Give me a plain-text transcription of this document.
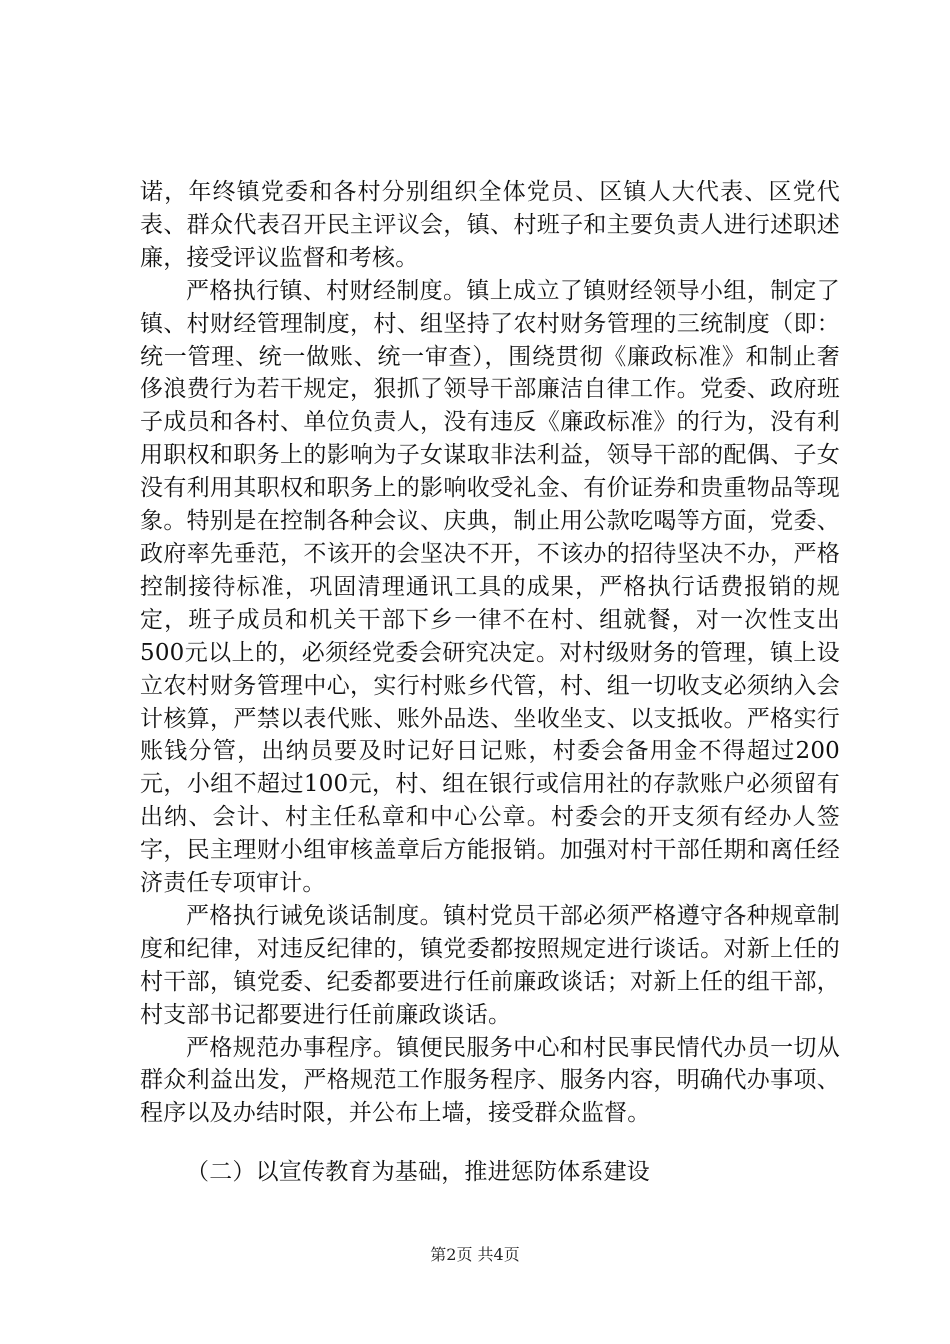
诺，年终镇党委和各村分别组织全体党员、区镇人大代表、区党代表、群众代表召开民主评议会，镇、村班子和主要负责人进行述职述廉，接受评议监督和考核。

严格执行镇、村财经制度。镇上成立了镇财经领导小组，制定了镇、村财经管理制度，村、组坚持了农村财务管理的三统制度（即：统一管理、统一做账、统一审查），围绕贯彻《廉政标准》和制止奢侈浪费行为若干规定，狠抓了领导干部廉洁自律工作。党委、政府班子成员和各村、单位负责人，没有违反《廉政标准》的行为，没有利用职权和职务上的影响为子女谋取非法利益，领导干部的配偶、子女没有利用其职权和职务上的影响收受礼金、有价证券和贵重物品等现象。特别是在控制各种会议、庆典，制止用公款吃喝等方面，党委、政府率先垂范，不该开的会坚决不开，不该办的招待坚决不办，严格控制接待标准，巩固清理通讯工具的成果，严格执行话费报销的规定，班子成员和机关干部下乡一律不在村、组就餐，对一次性支出500元以上的，必须经党委会研究决定。对村级财务的管理，镇上设立农村财务管理中心，实行村账乡代管，村、组一切收支必须纳入会计核算，严禁以表代账、账外品迭、坐收坐支、以支抵收。严格实行账钱分管，出纳员要及时记好日记账，村委会备用金不得超过200元，小组不超过100元，村、组在银行或信用社的存款账户必须留有出纳、会计、村主任私章和中心公章。村委会的开支须有经办人签字，民主理财小组审核盖章后方能报销。加强对村干部任期和离任经济责任专项审计。

严格执行诫免谈话制度。镇村党员干部必须严格遵守各种规章制度和纪律，对违反纪律的，镇党委都按照规定进行谈话。对新上任的村干部，镇党委、纪委都要进行任前廉政谈话；对新上任的组干部，村支部书记都要进行任前廉政谈话。

严格规范办事程序。镇便民服务中心和村民事民情代办员一切从群众利益出发，严格规范工作服务程序、服务内容，明确代办事项、程序以及办结时限，并公布上墙，接受群众监督。

（二）以宣传教育为基础，推进惩防体系建设

第2页 共4页
